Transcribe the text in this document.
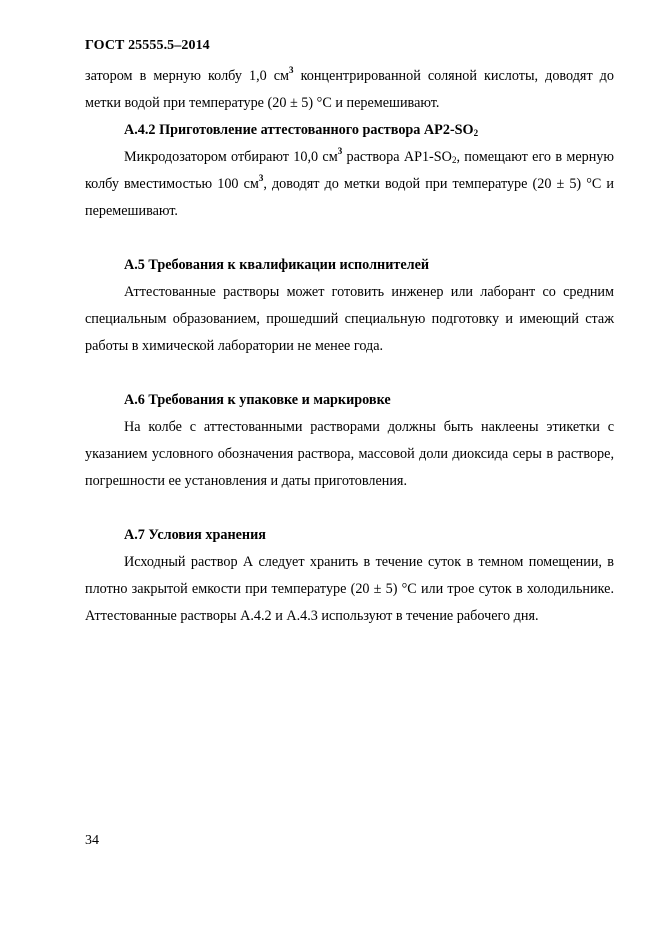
ГОСТ 25555.5–2014

затором в мерную колбу 1,0 $см^3$ концентрированной соляной кислоты, доводят до метки водой при температуре (20 ± 5) °С и перемешивают.

А.4.2 Приготовление аттестованного раствора $АР2-SO_2$

Микродозатором отбирают 10,0 $см^3$ раствора $АР1-SO_2$, помещают его в мерную колбу вместимостью 100 $см^3$, доводят до метки водой при температуре (20 ± 5) °С и перемешивают.

А.5 Требования к квалификации исполнителей

Аттестованные растворы может готовить инженер или лаборант со средним специальным образованием, прошедший специальную подготовку и имеющий стаж работы в химической лаборатории не менее года.

А.6 Требования к упаковке и маркировке

На колбе с аттестованными растворами должны быть наклеены этикетки с указанием условного обозначения раствора, массовой доли диоксида серы в растворе, погрешности ее установления и даты приготовления.

А.7 Условия хранения

Исходный раствор А следует хранить в течение суток в темном помещении, в плотно закрытой емкости при температуре (20 ± 5) °С или трое суток в холодильнике. Аттестованные растворы А.4.2 и А.4.3 используют в течение рабочего дня.

34
